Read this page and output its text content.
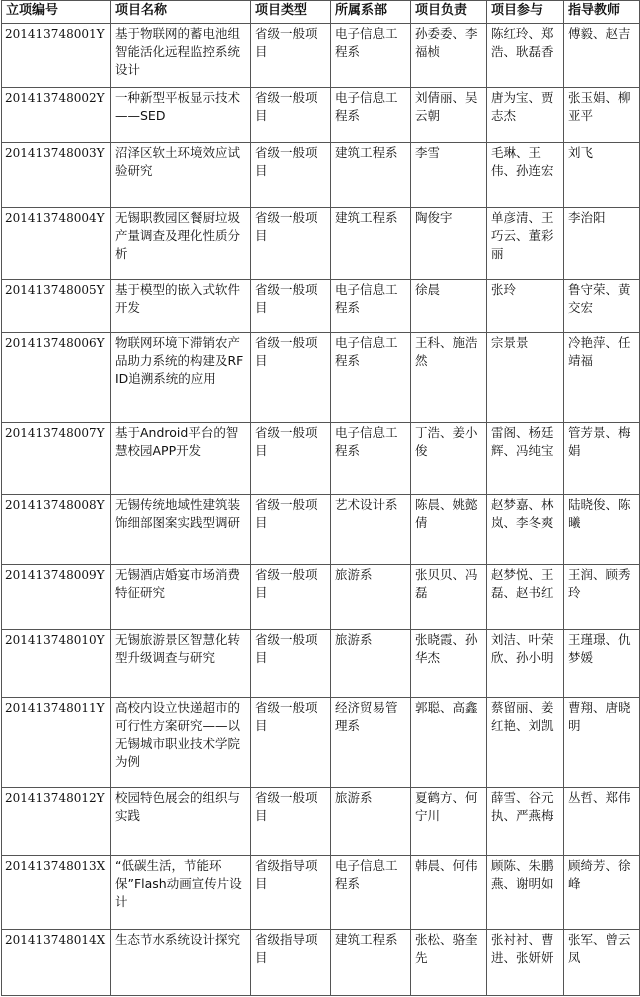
立项编号	项目名称	项目类型	所属系部	项目负责	项目参与	指导教师
201413748001Y	基于物联网的蓄电池组智能活化远程监控系统设计	省级一般项目	电子信息工程系	孙委委、李福桢	陈红玲、郑浩、耿磊香	傅毅、赵吉
201413748002Y	一种新型平板显示技术——SED	省级一般项目	电子信息工程系	刘倩丽、吴云朝	唐为宝、贾志杰	张玉娟、柳亚平
201413748003Y	沼泽区软土环境效应试验研究	省级一般项目	建筑工程系	李雪	毛琳、王伟、孙连宏	刘飞
201413748004Y	无锡职教园区餐厨垃圾产量调查及理化性质分析	省级一般项目	建筑工程系	陶俊宇	单彦清、王巧云、董彩丽	李治阳
201413748005Y	基于模型的嵌入式软件开发	省级一般项目	电子信息工程系	徐晨	张玲	鲁守荣、黄交宏
201413748006Y	物联网环境下滞销农产品助力系统的构建及RFID追溯系统的应用	省级一般项目	电子信息工程系	王科、施浩然	宗景景	冷艳萍、任靖福
201413748007Y	基于Android平台的智慧校园APP开发	省级一般项目	电子信息工程系	丁浩、姜小俊	雷阁、杨廷辉、冯纯宝	管芳景、梅娟
201413748008Y	无锡传统地域性建筑装饰细部图案实践型调研	省级一般项目	艺术设计系	陈晨、姚懿倩	赵梦嘉、林岚、李冬爽	陆晓俊、陈曦
201413748009Y	无锡酒店婚宴市场消费特征研究	省级一般项目	旅游系	张贝贝、冯磊	赵梦悦、王磊、赵书红	王润、顾秀玲
201413748010Y	无锡旅游景区智慧化转型升级调查与研究	省级一般项目	旅游系	张晓霞、孙华杰	刘洁、叶荣欣、孙小明	王瑾璟、仇梦媛
201413748011Y	高校内设立快递超市的可行性方案研究——以无锡城市职业技术学院为例	省级一般项目	经济贸易管理系	郭聪、高鑫	蔡留丽、姜红艳、刘凯	曹翔、唐晓明
201413748012Y	校园特色展会的组织与实践	省级一般项目	旅游系	夏鹤方、何宁川	薛雪、谷元执、严燕梅	丛哲、郑伟
201413748013X	“低碳生活，节能环保”Flash动画宣传片设计	省级指导项目	电子信息工程系	韩晨、何伟	顾陈、朱鹏燕、谢明如	顾绮芳、徐峰
201413748014X	生态节水系统设计探究	省级指导项目	建筑工程系	张松、骆奎先	张衬衬、曹进、张妍妍	张军、曾云凤
